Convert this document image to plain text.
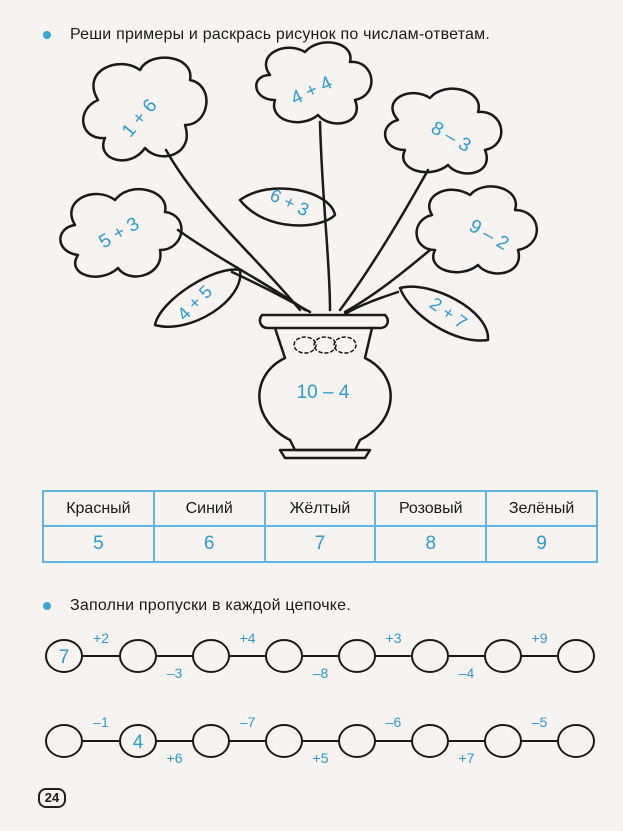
Реши примеры и раскрась рисунок по числам-ответам.
1 + 6
4 + 4
8 – 3
5 + 3
6 + 3
9 – 2
4 + 5	2 + 7
10 – 4
7
+2	+4	+3	+9
–3	–8	–4
4
–1	–7	–6	–5
+6	+5	+7
Красный	Синий	Жёлтый	Розовый	Зелёный
5	6	7	8	9
Заполни пропуски в каждой цепочке.
24
